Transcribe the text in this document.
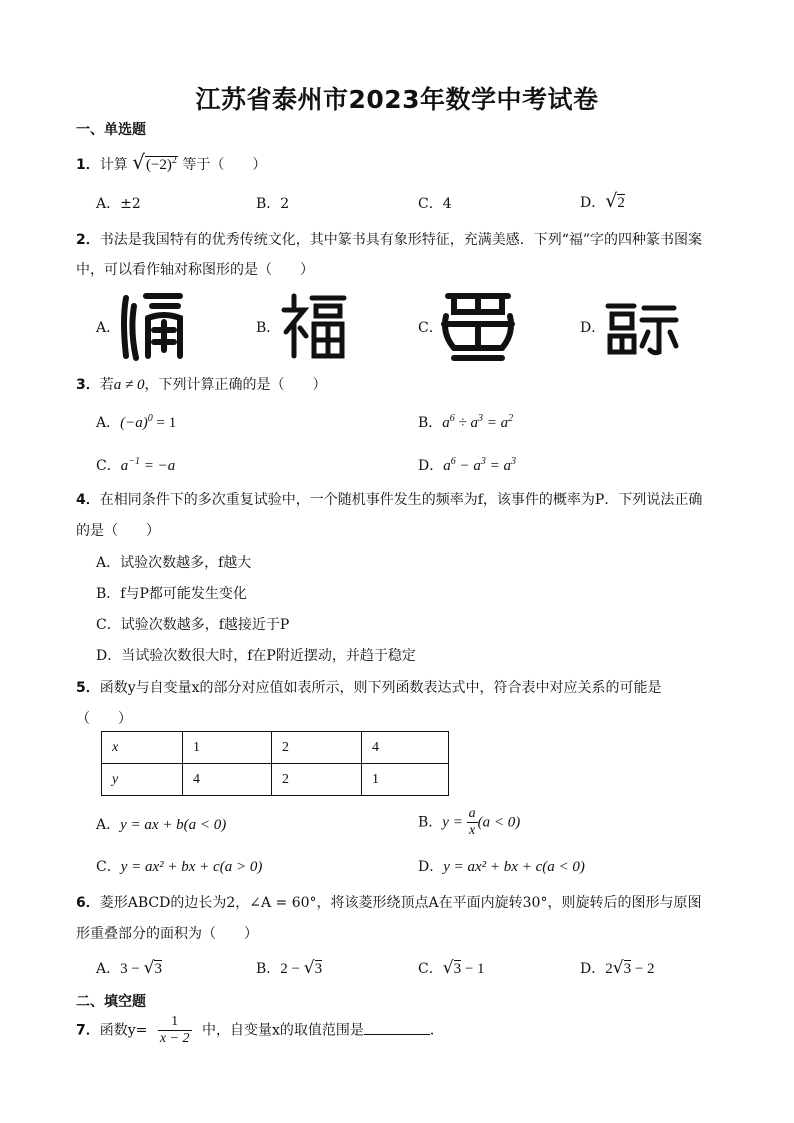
江苏省泰州市2023年数学中考试卷
一、单选题
1．计算 $√(-2)^2$ 等于（　　）
A．±2	B．2	C．4	D．√2
2．书法是我国特有的优秀传统文化，其中篆书具有象形特征，充满美感．下列“福”字的四种篆书图案
中，可以看作轴对称图形的是（　　）
A．	B．	C．	D．
3．若a ≠ 0，下列计算正确的是（　　）
A．$(-a)^0 = 1$	B．$a^6 \div a^3 = a^2$
C．$a^{-1} = -a$	D．$a^6 - a^3 = a^3$
4．在相同条件下的多次重复试验中，一个随机事件发生的频率为f，该事件的概率为P．下列说法正确
的是（　　）
A．试验次数越多，f越大
B．f与P都可能发生变化
C．试验次数越多，f越接近于P
D．当试验次数很大时，f在P附近摆动，并趋于稳定
5．函数y与自变量x的部分对应值如表所示，则下列函数表达式中，符合表中对应关系的可能是
（　　）
x	1	2	4
y	4	2	1
A．y = ax + b(a < 0)	B．$y = \frac{a}{x} (a < 0)$
C．y = ax² + bx + c(a > 0)	D．y = ax² + bx + c(a < 0)
6．菱形ABCD的边长为2，∠A = 60°，将该菱形绕顶点A在平面内旋转30°，则旋转后的图形与原图
形重叠部分的面积为（　　）
A．3 − √3	B．2 − √3	C．√3 − 1	D．2√3 − 2
二、填空题
7．函数$y= \frac{1}{x - 2}$ 中，自变量x的取值范围是	．
